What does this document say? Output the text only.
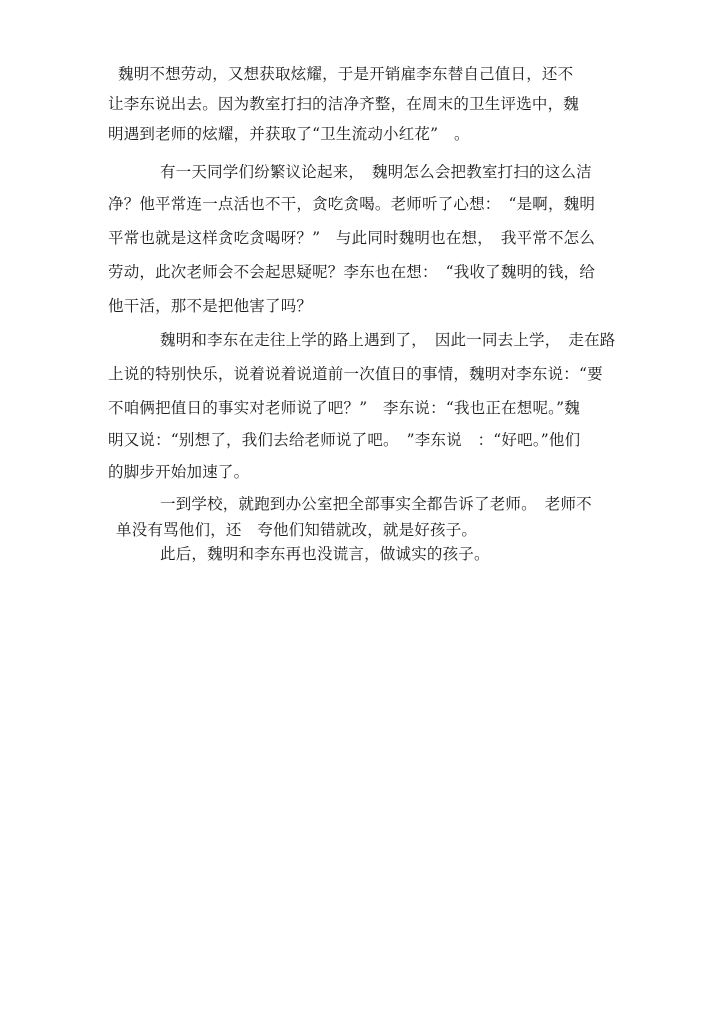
魏明不想劳动，又想获取炫耀，于是开销雇李东替自己值日，还不
让李东说出去。因为教室打扫的洁净齐整，在周末的卫生评选中，魏
明遇到老师的炫耀，并获取了“卫生流动小红花”　。
有一天同学们纷繁议论起来，　魏明怎么会把教室打扫的这么洁
净？他平常连一点活也不干，贪吃贪喝。老师听了心想：　“是啊，魏明
平常也就是这样贪吃贪喝呀？”　与此同时魏明也在想，　我平常不怎么
劳动，此次老师会不会起思疑呢？李东也在想：　“我收了魏明的钱，给
他干活，那不是把他害了吗？
魏明和李东在走往上学的路上遇到了，　因此一同去上学，　走在路
上说的特别快乐，说着说着说道前一次值日的事情，魏明对李东说：“要
不咱俩把值日的事实对老师说了吧？”　李东说：“我也正在想呢。”魏
明又说：“别想了，我们去给老师说了吧。　”李东说　：“好吧。”他们
的脚步开始加速了。
一到学校，就跑到办公室把全部事实全都告诉了老师。　老师不
单没有骂他们，还　夸他们知错就改，就是好孩子。
此后，魏明和李东再也没谎言，做诚实的孩子。
